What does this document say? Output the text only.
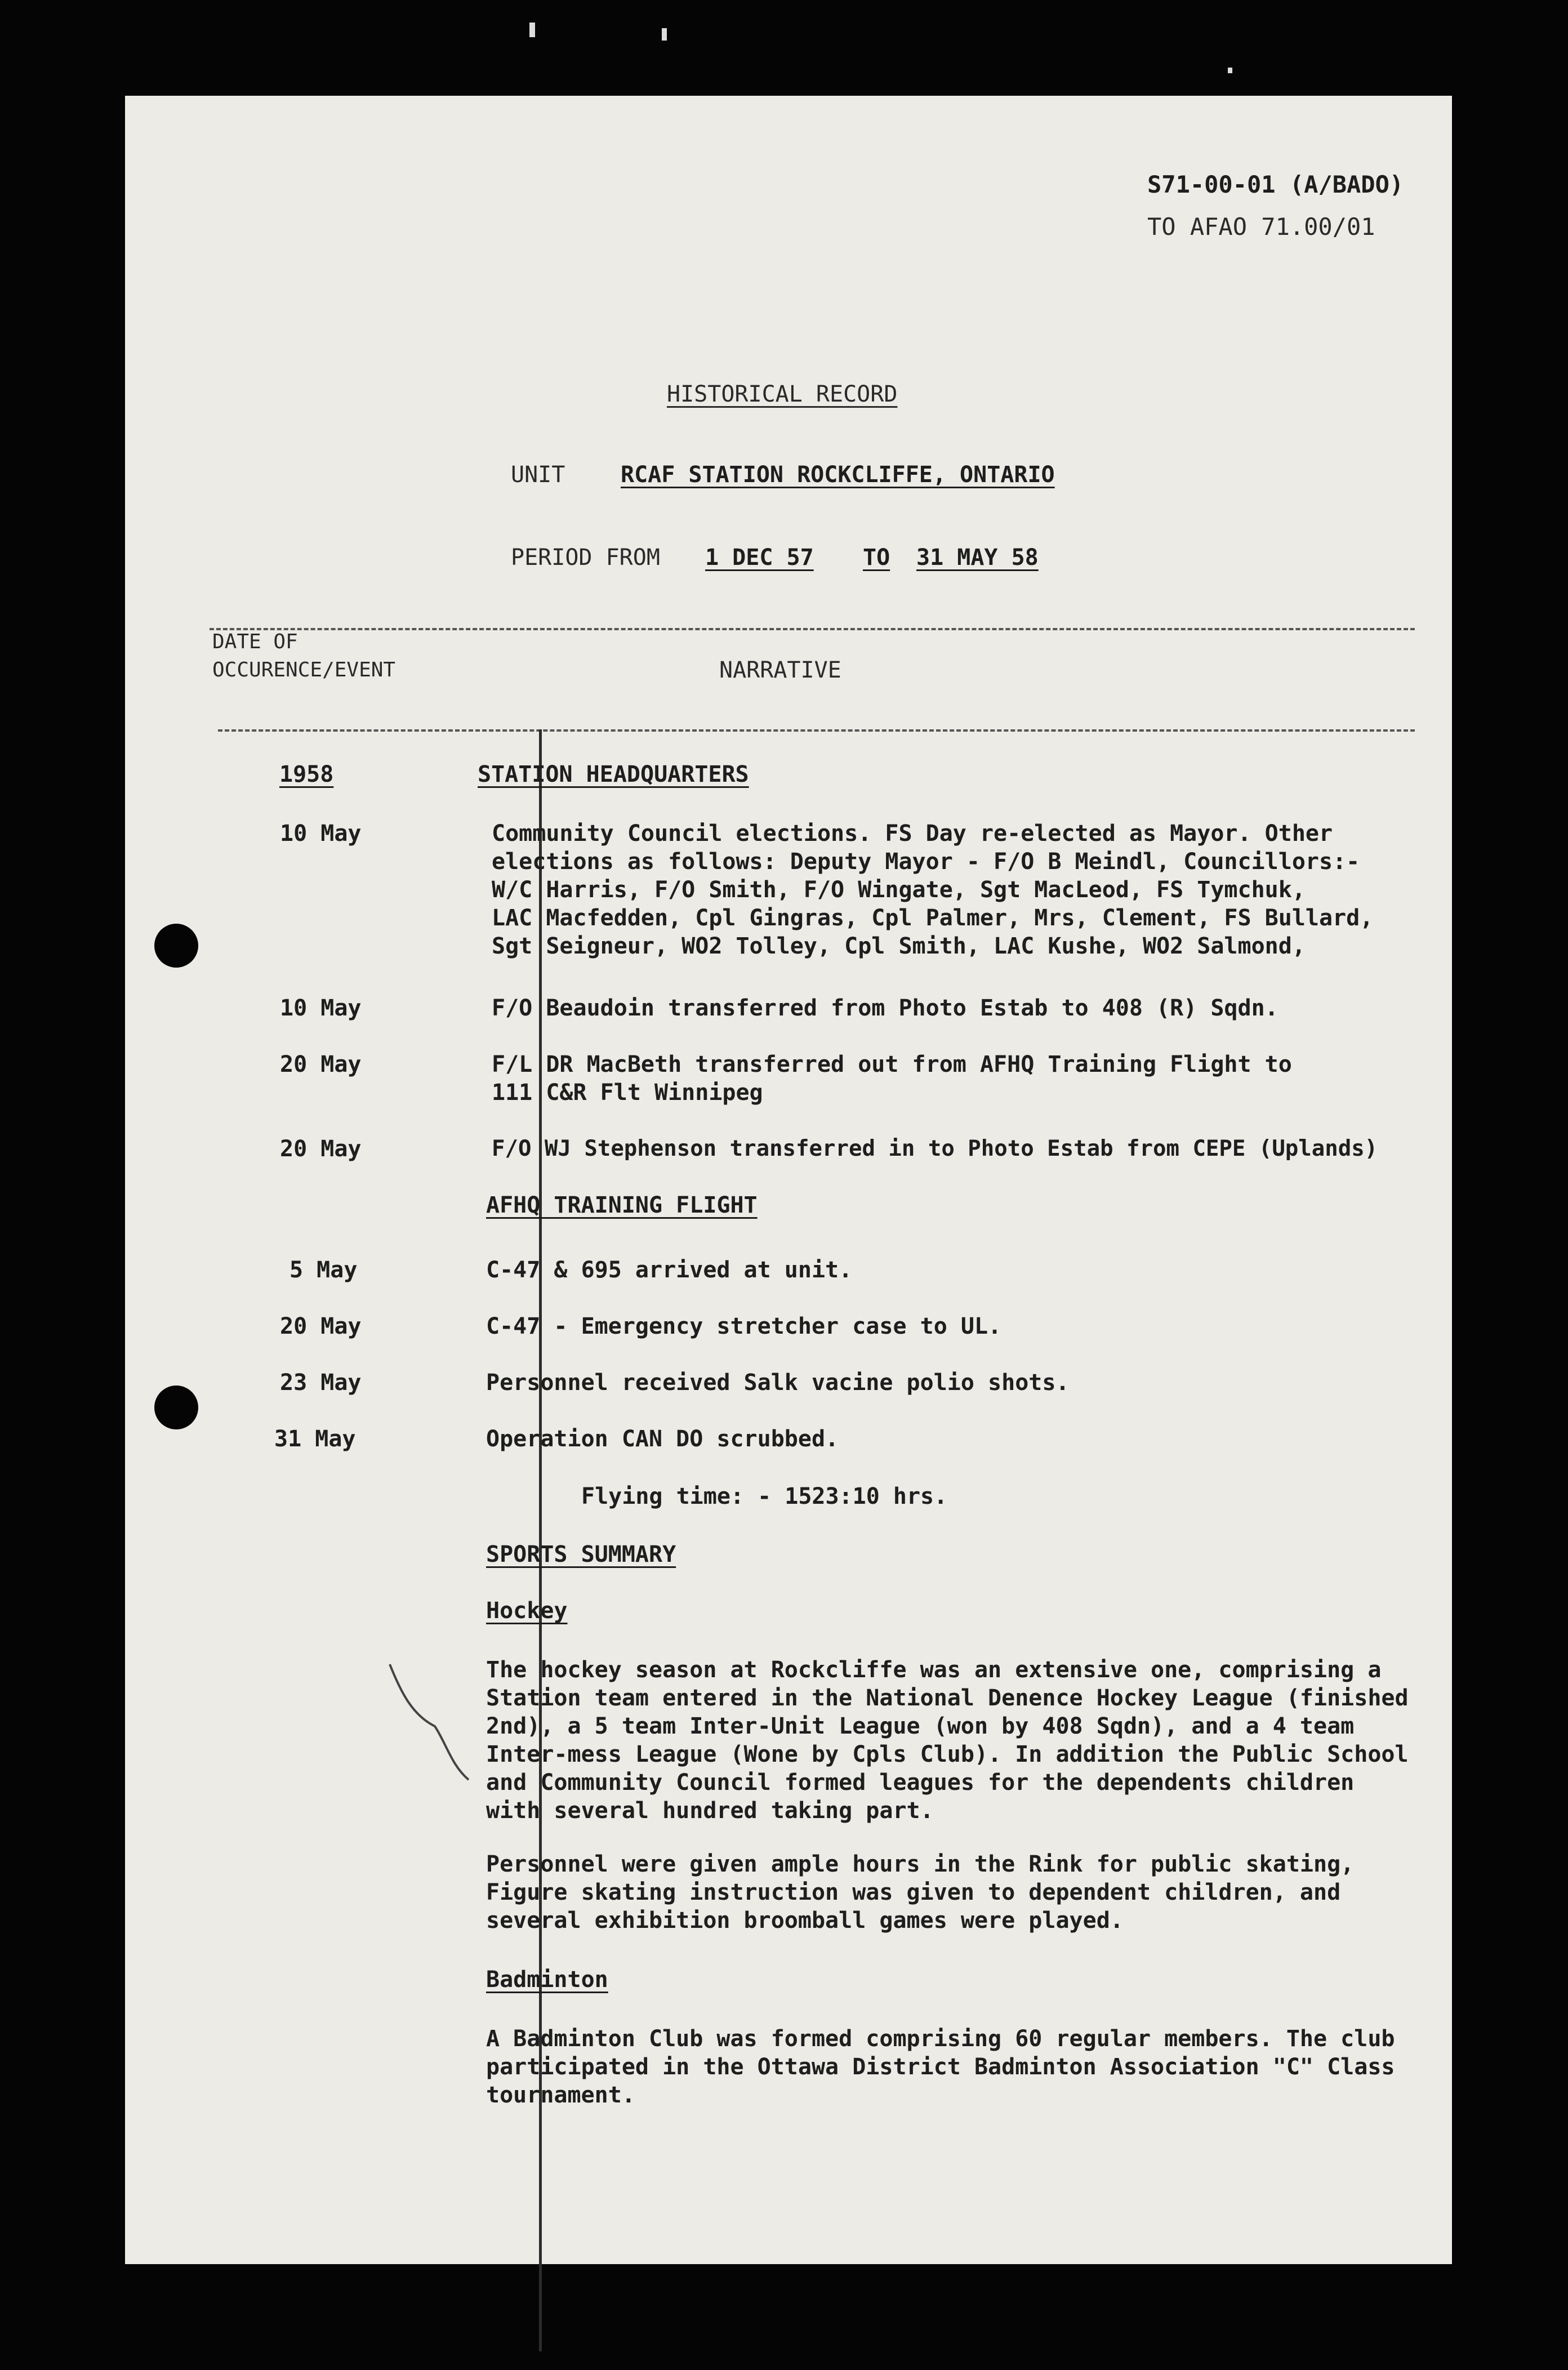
S71-00-01 (A/BADO)
TO AFAO 71.00/01
HISTORICAL RECORD
UNIT RCAF STATION ROCKCLIFFE, ONTARIO
PERIOD FROM 1 DEC 57 TO 31 MAY 58
DATE OF
OCCURENCE/EVENT	NARRATIVE
1958	STATION HEADQUARTERS
10 May	Community Council elections. FS Day re-elected as Mayor. Other
elections as follows: Deputy Mayor - F/O B Meindl, Councillors:-
W/C Harris, F/O Smith, F/O Wingate, Sgt MacLeod, FS Tymchuk,
LAC Macfedden, Cpl Gingras, Cpl Palmer, Mrs, Clement, FS Bullard,
Sgt Seigneur, WO2 Tolley, Cpl Smith, LAC Kushe, WO2 Salmond,
10 May	F/O Beaudoin transferred from Photo Estab to 408 (R) Sqdn.
20 May	F/L DR MacBeth transferred out from AFHQ Training Flight to
111 C&R Flt Winnipeg
20 May	F/O WJ Stephenson transferred in to Photo Estab from CEPE (Uplands)
AFHQ TRAINING FLIGHT
5 May	C-47 & 695 arrived at unit.
20 May	C-47 - Emergency stretcher case to UL.
23 May	Personnel received Salk vacine polio shots.
31 May	Operation CAN DO scrubbed.
Flying time: - 1523:10 hrs.
SPORTS SUMMARY
Hockey
The hockey season at Rockcliffe was an extensive one, comprising a
Station team entered in the National Denence Hockey League (finished
2nd), a 5 team Inter-Unit League (won by 408 Sqdn), and a 4 team
Inter-mess League (Wone by Cpls Club). In addition the Public School
and Community Council formed leagues for the dependents children
with several hundred taking part.
Personnel were given ample hours in the Rink for public skating,
Figure skating instruction was given to dependent children, and
several exhibition broomball games were played.
Badminton
A Badminton Club was formed comprising 60 regular members. The club
participated in the Ottawa District Badminton Association "C" Class
tournament.
